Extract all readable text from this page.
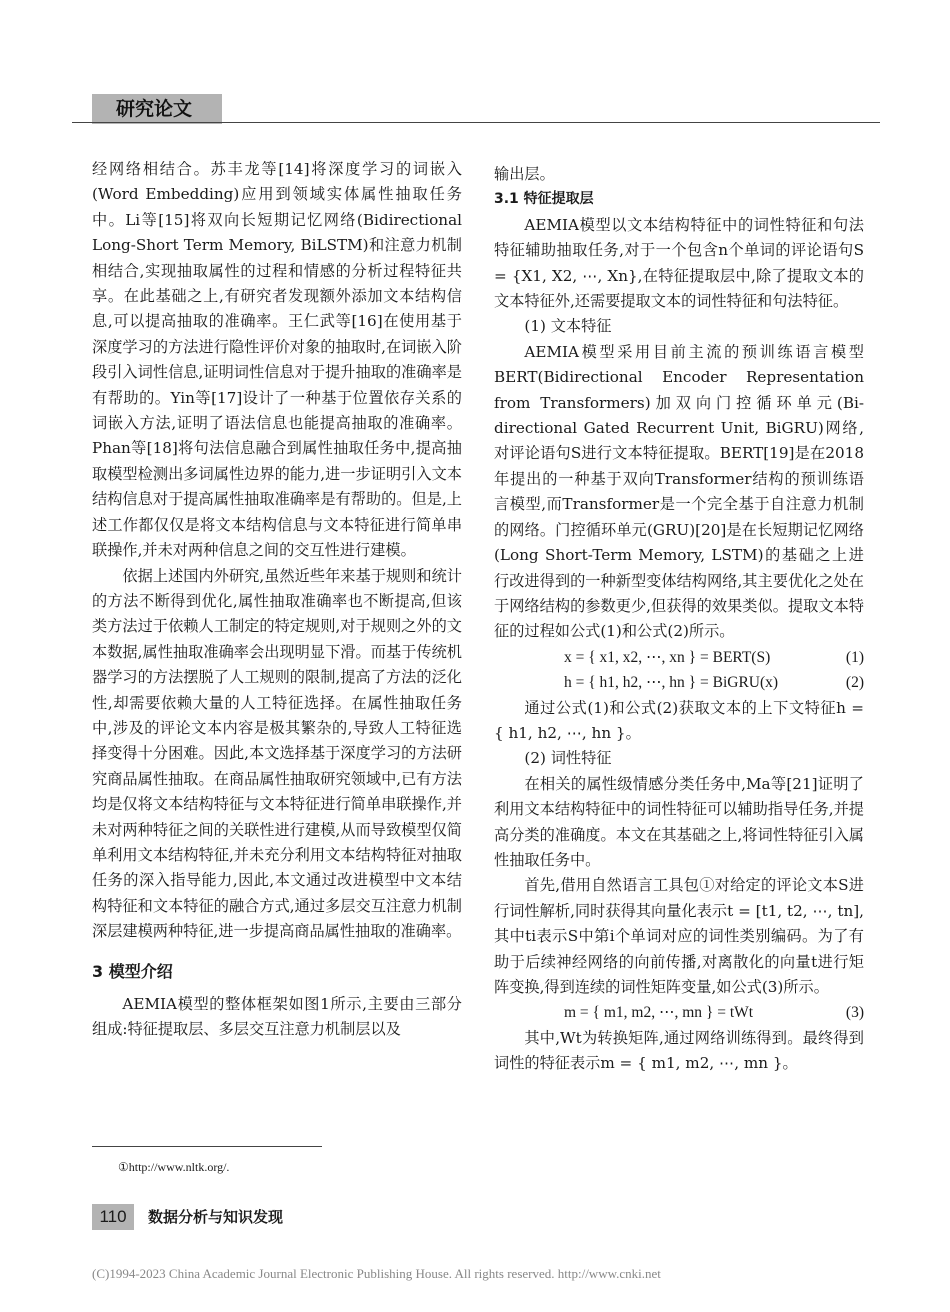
研究论文

经网络相结合。苏丰龙等[14]将深度学习的词嵌入(Word Embedding)应用到领域实体属性抽取任务中。Li等[15]将双向长短期记忆网络(Bidirectional Long-Short Term Memory, BiLSTM)和注意力机制相结合,实现抽取属性的过程和情感的分析过程特征共享。在此基础之上,有研究者发现额外添加文本结构信息,可以提高抽取的准确率。王仁武等[16]在使用基于深度学习的方法进行隐性评价对象的抽取时,在词嵌入阶段引入词性信息,证明词性信息对于提升抽取的准确率是有帮助的。Yin等[17]设计了一种基于位置依存关系的词嵌入方法,证明了语法信息也能提高抽取的准确率。Phan等[18]将句法信息融合到属性抽取任务中,提高抽取模型检测出多词属性边界的能力,进一步证明引入文本结构信息对于提高属性抽取准确率是有帮助的。但是,上述工作都仅仅是将文本结构信息与文本特征进行简单串联操作,并未对两种信息之间的交互性进行建模。

依据上述国内外研究,虽然近些年来基于规则和统计的方法不断得到优化,属性抽取准确率也不断提高,但该类方法过于依赖人工制定的特定规则,对于规则之外的文本数据,属性抽取准确率会出现明显下滑。而基于传统机器学习的方法摆脱了人工规则的限制,提高了方法的泛化性,却需要依赖大量的人工特征选择。在属性抽取任务中,涉及的评论文本内容是极其繁杂的,导致人工特征选择变得十分困难。因此,本文选择基于深度学习的方法研究商品属性抽取。在商品属性抽取研究领域中,已有方法均是仅将文本结构特征与文本特征进行简单串联操作,并未对两种特征之间的关联性进行建模,从而导致模型仅简单利用文本结构特征,并未充分利用文本结构特征对抽取任务的深入指导能力,因此,本文通过改进模型中文本结构特征和文本特征的融合方式,通过多层交互注意力机制深层建模两种特征,进一步提高商品属性抽取的准确率。

3 模型介绍

AEMIA模型的整体框架如图1所示,主要由三部分组成:特征提取层、多层交互注意力机制层以及

输出层。

3.1 特征提取层

AEMIA模型以文本结构特征中的词性特征和句法特征辅助抽取任务,对于一个包含n个单词的评论语句S = {X1, X2, ⋯, Xn},在特征提取层中,除了提取文本的文本特征外,还需要提取文本的词性特征和句法特征。

(1) 文本特征

AEMIA模型采用目前主流的预训练语言模型BERT(Bidirectional Encoder Representation from Transformers)加双向门控循环单元(Bi-directional Gated Recurrent Unit, BiGRU)网络,对评论语句S进行文本特征提取。BERT[19]是在2018年提出的一种基于双向Transformer结构的预训练语言模型,而Transformer是一个完全基于自注意力机制的网络。门控循环单元(GRU)[20]是在长短期记忆网络(Long Short-Term Memory, LSTM)的基础之上进行改进得到的一种新型变体结构网络,其主要优化之处在于网络结构的参数更少,但获得的效果类似。提取文本特征的过程如公式(1)和公式(2)所示。

x = { x1, x2, ⋯, xn } = BERT(S)	(1)
h = { h1, h2, ⋯, hn } = BiGRU(x)	(2)

通过公式(1)和公式(2)获取文本的上下文特征h = { h1, h2, ⋯, hn }。

(2) 词性特征

在相关的属性级情感分类任务中,Ma等[21]证明了利用文本结构特征中的词性特征可以辅助指导任务,并提高分类的准确度。本文在其基础之上,将词性特征引入属性抽取任务中。

首先,借用自然语言工具包①对给定的评论文本S进行词性解析,同时获得其向量化表示t = [t1, t2, ⋯, tn],其中ti表示S中第i个单词对应的词性类别编码。为了有助于后续神经网络的向前传播,对离散化的向量t进行矩阵变换,得到连续的词性矩阵变量,如公式(3)所示。

m = { m1, m2, ⋯, mn } = tWt	(3)

其中,Wt为转换矩阵,通过网络训练得到。最终得到词性的特征表示m = { m1, m2, ⋯, mn }。

①http://www.nltk.org/.
110	数据分析与知识发现
(C)1994-2023 China Academic Journal Electronic Publishing House. All rights reserved. http://www.cnki.net
